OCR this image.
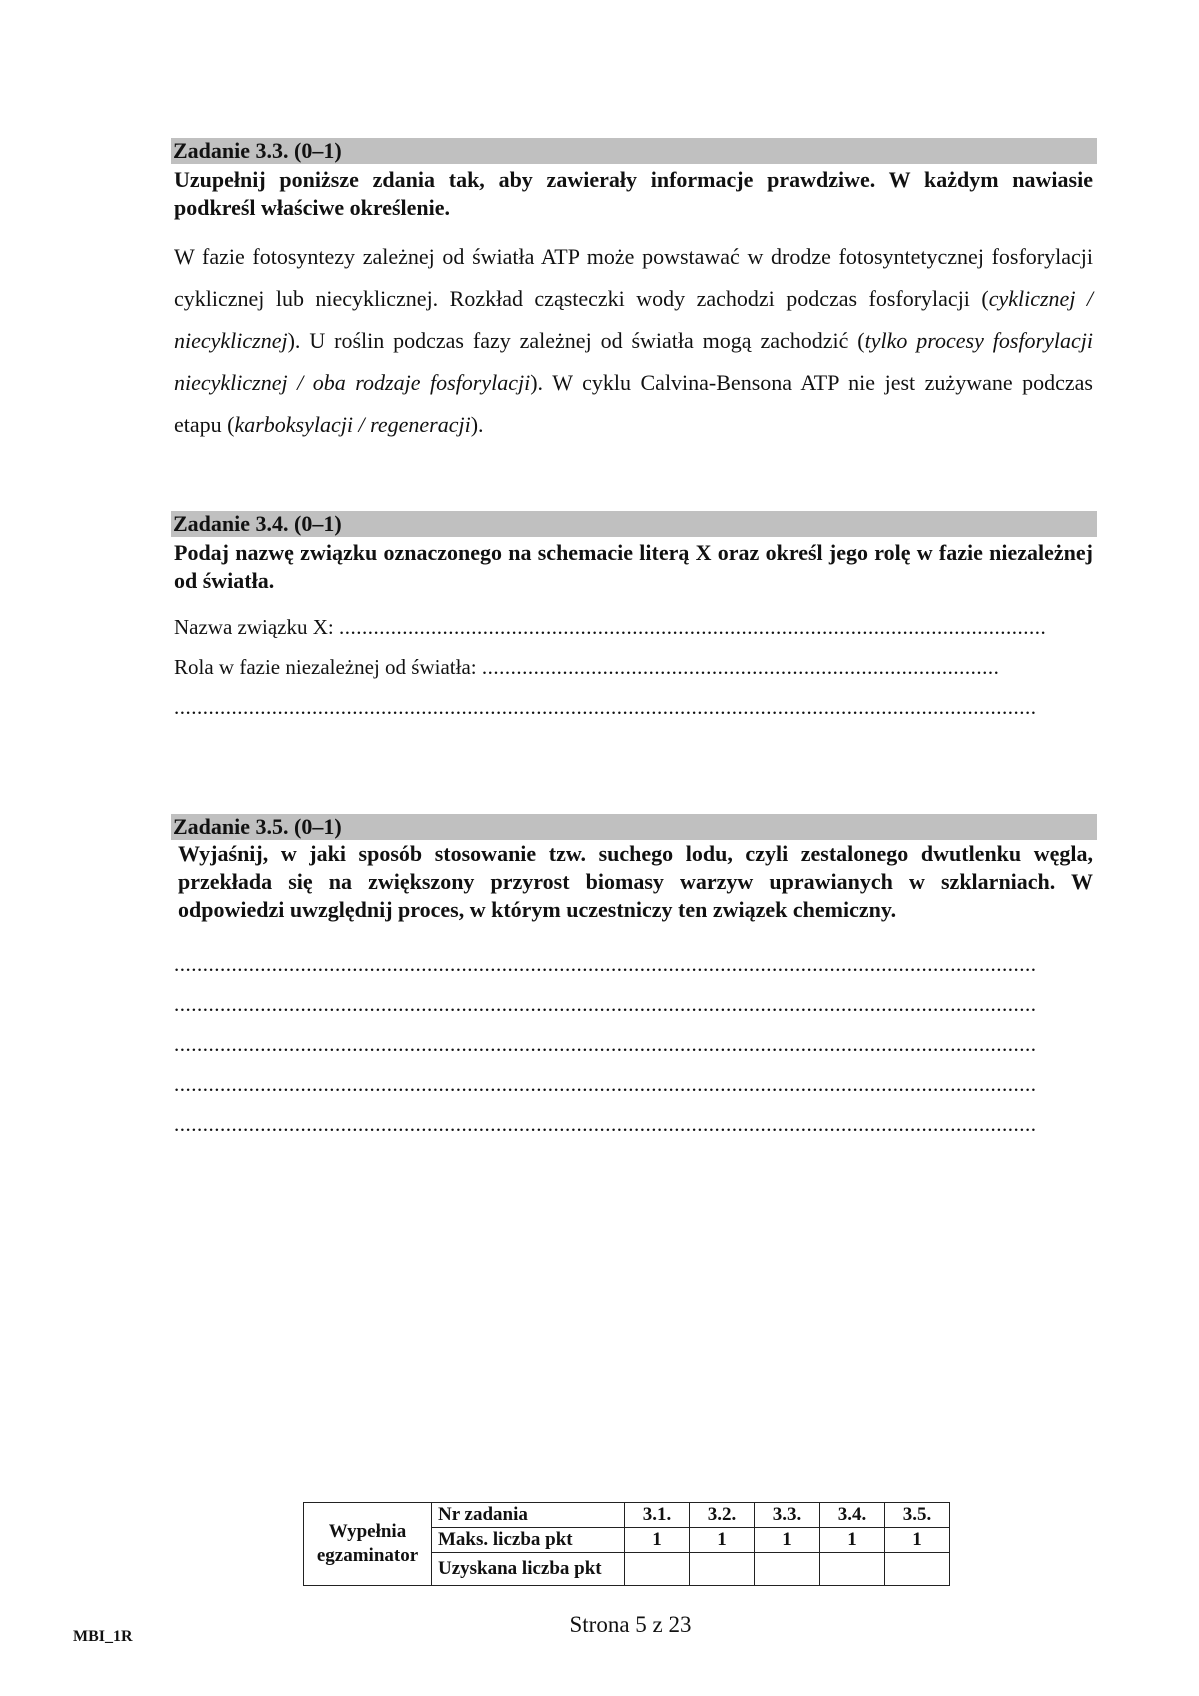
Zadanie 3.3. (0–1)
Uzupełnij poniższe zdania tak, aby zawierały informacje prawdziwe. W każdym nawiasie podkreśl właściwe określenie.
W fazie fotosyntezy zależnej od światła ATP może powstawać w drodze fotosyntetycznej fosforylacji cyklicznej lub niecyklicznej. Rozkład cząsteczki wody zachodzi podczas fosforylacji (cyklicznej / niecyklicznej). U roślin podczas fazy zależnej od światła mogą zachodzić (tylko procesy fosforylacji niecyklicznej / oba rodzaje fosforylacji). W cyklu Calvina-Bensona ATP nie jest zużywane podczas etapu (karboksylacji / regeneracji).
Zadanie 3.4. (0–1)
Podaj nazwę związku oznaczonego na schemacie literą X oraz określ jego rolę w fazie niezależnej od światła.
Nazwa związku X: ...........................................................................................................................
Rola w fazie niezależnej od światła: ..........................................................................................
......................................................................................................................................................
Zadanie 3.5. (0–1)
Wyjaśnij, w jaki sposób stosowanie tzw. suchego lodu, czyli zestalonego dwutlenku węgla, przekłada się na zwiększony przyrost biomasy warzyw uprawianych w szklarniach. W odpowiedzi uwzględnij proces, w którym uczestniczy ten związek chemiczny.
......................................................................................................................................................
......................................................................................................................................................
......................................................................................................................................................
......................................................................................................................................................
......................................................................................................................................................
Wypełnia
egzaminator	Nr zadania	3.1.	3.2.	3.3.	3.4.	3.5.
	Maks. liczba pkt	1	1	1	1	1
	Uzyskana liczba pkt					
MBI_1R	Strona 5 z 23
